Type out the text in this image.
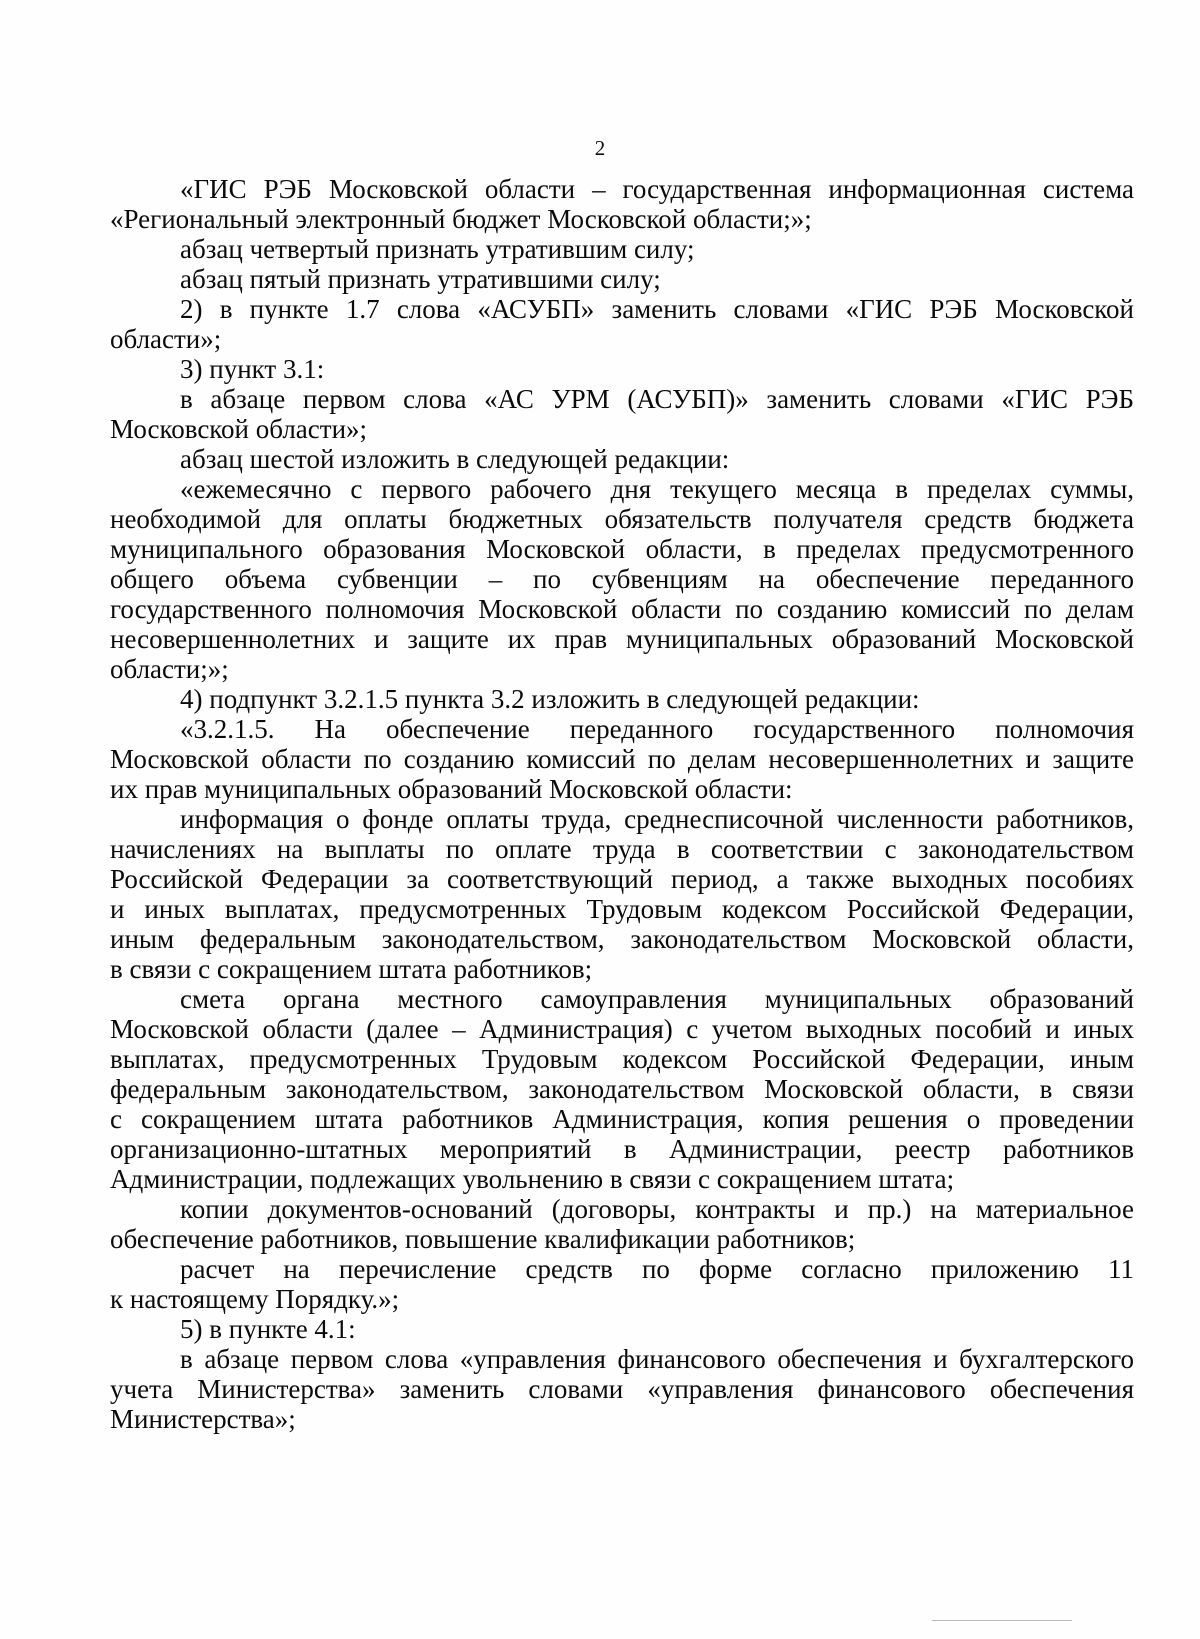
2

«ГИС РЭБ Московской области – государственная информационная система

«Региональный электронный бюджет Московской области;»;

абзац четвертый признать утратившим силу;

абзац пятый признать утратившими силу;

2) в пункте 1.7 слова «АСУБП» заменить словами «ГИС РЭБ Московской

области»;

3) пункт 3.1:

в абзаце первом слова «АС УРМ (АСУБП)» заменить словами «ГИС РЭБ

Московской области»;

абзац шестой изложить в следующей редакции:

«ежемесячно с первого рабочего дня текущего месяца в пределах суммы,

необходимой для оплаты бюджетных обязательств получателя средств бюджета

муниципального образования Московской области, в пределах предусмотренного

общего объема субвенции – по субвенциям на обеспечение переданного

государственного полномочия Московской области по созданию комиссий по делам

несовершеннолетних и защите их прав муниципальных образований Московской

области;»;

4) подпункт 3.2.1.5 пункта 3.2 изложить в следующей редакции:

«3.2.1.5. На обеспечение переданного государственного полномочия

Московской области по созданию комиссий по делам несовершеннолетних и защите

их прав муниципальных образований Московской области:

информация о фонде оплаты труда, среднесписочной численности работников,

начислениях на выплаты по оплате труда в соответствии с законодательством

Российской Федерации за соответствующий период, а также выходных пособиях

и иных выплатах, предусмотренных Трудовым кодексом Российской Федерации,

иным федеральным законодательством, законодательством Московской области,

в связи с сокращением штата работников;

смета органа местного самоуправления муниципальных образований

Московской области (далее – Администрация) с учетом выходных пособий и иных

выплатах, предусмотренных Трудовым кодексом Российской Федерации, иным

федеральным законодательством, законодательством Московской области, в связи

с сокращением штата работников Администрация, копия решения о проведении

организационно-штатных мероприятий в Администрации, реестр работников

Администрации, подлежащих увольнению в связи с сокращением штата;

копии документов-оснований (договоры, контракты и пр.) на материальное

обеспечение работников, повышение квалификации работников;

расчет на перечисление средств по форме согласно приложению 11

к настоящему Порядку.»;

5) в пункте 4.1:

в абзаце первом слова «управления финансового обеспечения и бухгалтерского

учета Министерства» заменить словами «управления финансового обеспечения

Министерства»;
